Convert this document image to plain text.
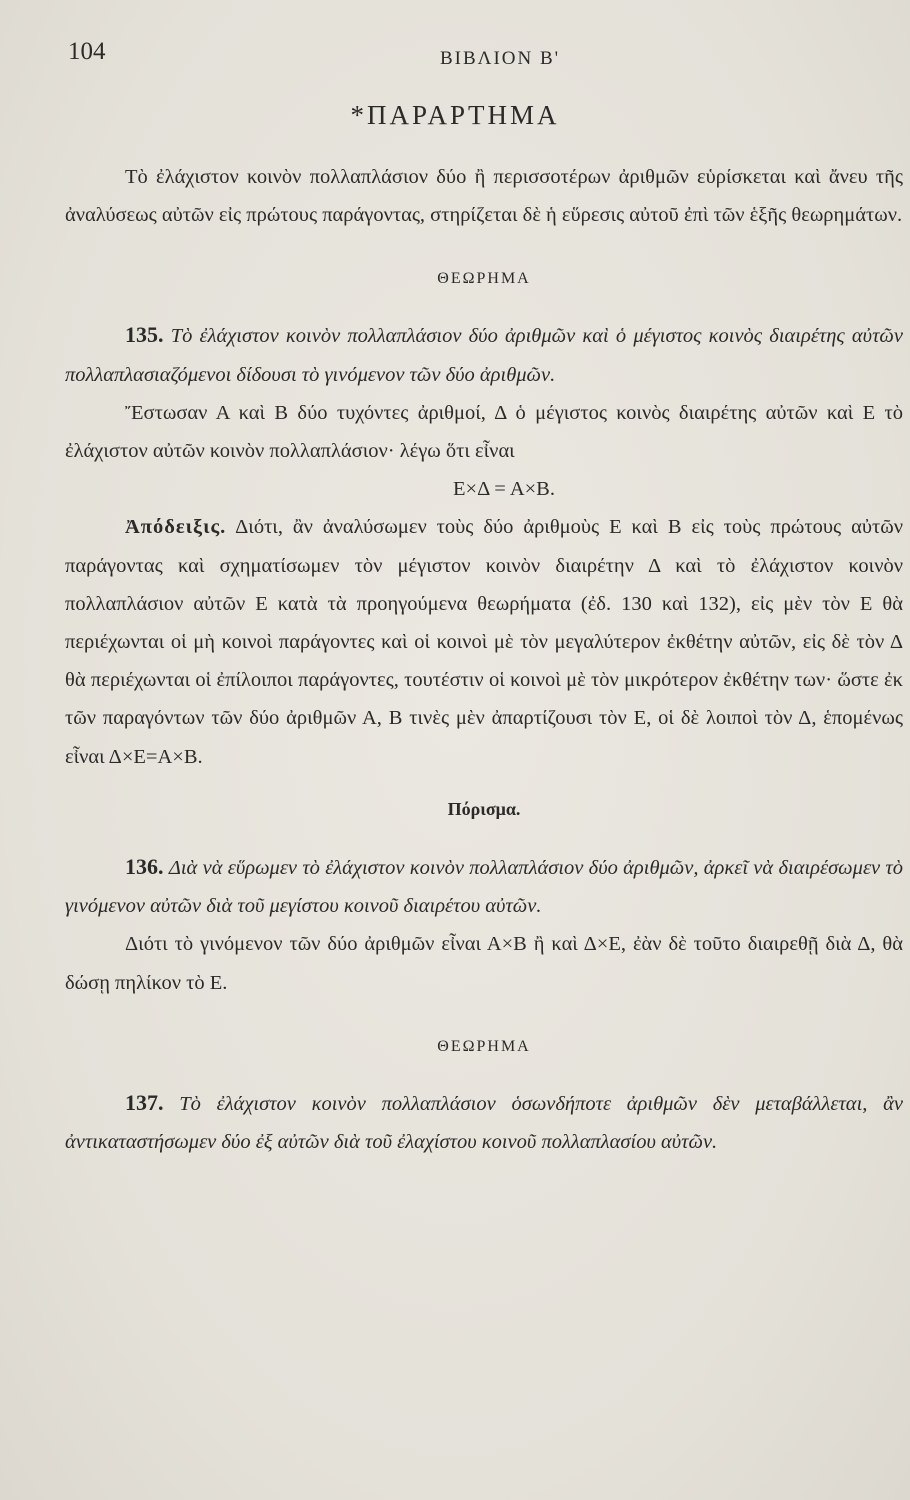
104	ΒΙΒΛΙΟΝ Β'
*ΠΑΡΑΡΤΗΜΑ

Τὸ ἐλάχιστον κοινὸν πολλαπλάσιον δύο ἢ περισσοτέρων ἀριθμῶν εὑρίσκεται καὶ ἄνευ τῆς ἀναλύσεως αὐτῶν εἰς πρώτους παράγοντας, στηρίζεται δὲ ἡ εὕρεσις αὐτοῦ ἐπὶ τῶν ἑξῆς θεωρημάτων.

ΘΕΩΡΗΜΑ

135. Τὸ ἐλάχιστον κοινὸν πολλαπλάσιον δύο ἀριθμῶν καὶ ὁ μέγιστος κοινὸς διαιρέτης αὐτῶν πολλαπλασιαζόμενοι δίδουσι τὸ γινόμενον τῶν δύο ἀριθμῶν.

Ἔστωσαν Α καὶ Β δύο τυχόντες ἀριθμοί, Δ ὁ μέγιστος κοινὸς διαιρέτης αὐτῶν καὶ Ε τὸ ἐλάχιστον αὐτῶν κοινὸν πολλαπλάσιον· λέγω ὅτι εἶναι

Ε×Δ = Α×Β.

Ἀπόδειξις. Διότι, ἂν ἀναλύσωμεν τοὺς δύο ἀριθμοὺς Ε καὶ Β εἰς τοὺς πρώτους αὐτῶν παράγοντας καὶ σχηματίσωμεν τὸν μέγιστον κοινὸν διαιρέτην Δ καὶ τὸ ἐλάχιστον κοινὸν πολλαπλάσιον αὐτῶν Ε κατὰ τὰ προηγούμενα θεωρήματα (ἐδ. 130 καὶ 132), εἰς μὲν τὸν Ε θὰ περιέχωνται οἱ μὴ κοινοὶ παράγοντες καὶ οἱ κοινοὶ μὲ τὸν μεγαλύτερον ἐκθέτην αὐτῶν, εἰς δὲ τὸν Δ θὰ περιέχωνται οἱ ἐπίλοιποι παράγοντες, τουτέστιν οἱ κοινοὶ μὲ τὸν μικρότερον ἐκθέτην των· ὥστε ἐκ τῶν παραγόντων τῶν δύο ἀριθμῶν Α, Β τινὲς μὲν ἀπαρτίζουσι τὸν Ε, οἱ δὲ λοιποὶ τὸν Δ, ἑπομένως εἶναι Δ×Ε=Α×Β.

Πόρισμα.

136. Διὰ νὰ εὕρωμεν τὸ ἐλάχιστον κοινὸν πολλαπλάσιον δύο ἀριθμῶν, ἀρκεῖ νὰ διαιρέσωμεν τὸ γινόμενον αὐτῶν διὰ τοῦ μεγίστου κοινοῦ διαιρέτου αὐτῶν.

Διότι τὸ γινόμενον τῶν δύο ἀριθμῶν εἶναι Α×Β ἢ καὶ Δ×Ε, ἐὰν δὲ τοῦτο διαιρεθῇ διὰ Δ, θὰ δώσῃ πηλίκον τὸ Ε.

ΘΕΩΡΗΜΑ

137. Τὸ ἐλάχιστον κοινὸν πολλαπλάσιον ὁσωνδήποτε ἀριθμῶν δὲν μεταβάλλεται, ἂν ἀντικαταστήσωμεν δύο ἐξ αὐτῶν διὰ τοῦ ἐλαχίστου κοινοῦ πολλαπλασίου αὐτῶν.
